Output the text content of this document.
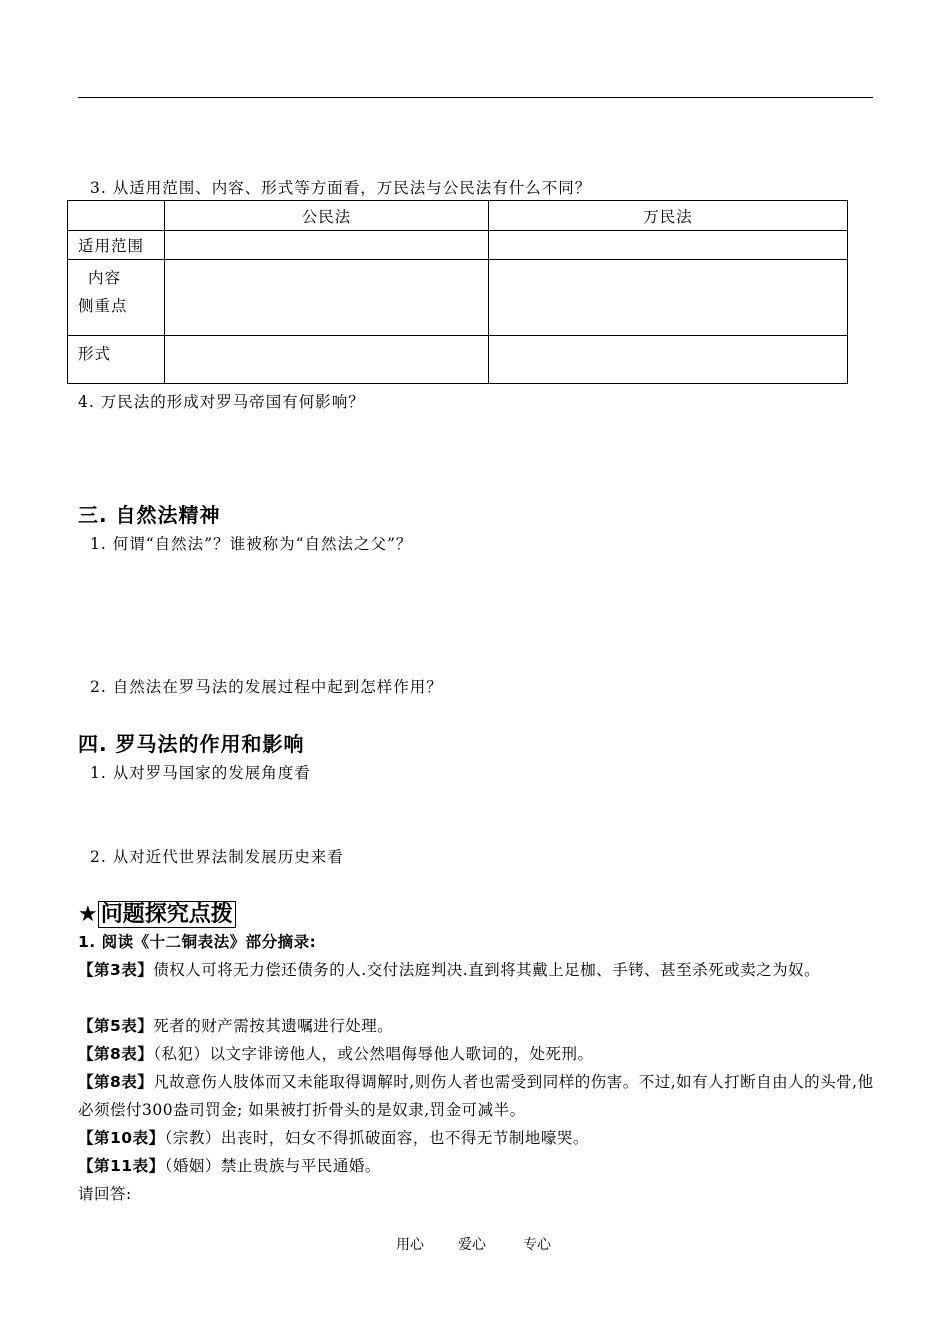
3. 从适用范围、内容、形式等方面看，万民法与公民法有什么不同？
	公民法	万民法
适用范围		

内容
侧重点		

形式		
4. 万民法的形成对罗马帝国有何影响？
三. 自然法精神
1. 何谓“自然法”？谁被称为“自然法之父”？
2. 自然法在罗马法的发展过程中起到怎样作用？
四. 罗马法的作用和影响
1. 从对罗马国家的发展角度看
2. 从对近代世界法制发展历史来看
★ 问题探究点拨
1. 阅读《十二铜表法》部分摘录:
【第3表】债权人可将无力偿还债务的人.交付法庭判决.直到将其戴上足枷、手铐、甚至杀死或卖之为奴。
【第5表】死者的财产需按其遗嘱进行处理。
【第8表】（私犯）以文字诽谤他人，或公然唱侮辱他人歌词的，处死刑。
【第8表】凡故意伤人肢体而又未能取得调解时,则伤人者也需受到同样的伤害。不过,如有人打断自由人的头骨,他必须偿付300盎司罚金; 如果被打折骨头的是奴隶,罚金可减半。
【第10表】（宗教）出丧时，妇女不得抓破面容，也不得无节制地嚎哭。
【第11表】（婚姻）禁止贵族与平民通婚。
请回答:
用心 爱心	专心
